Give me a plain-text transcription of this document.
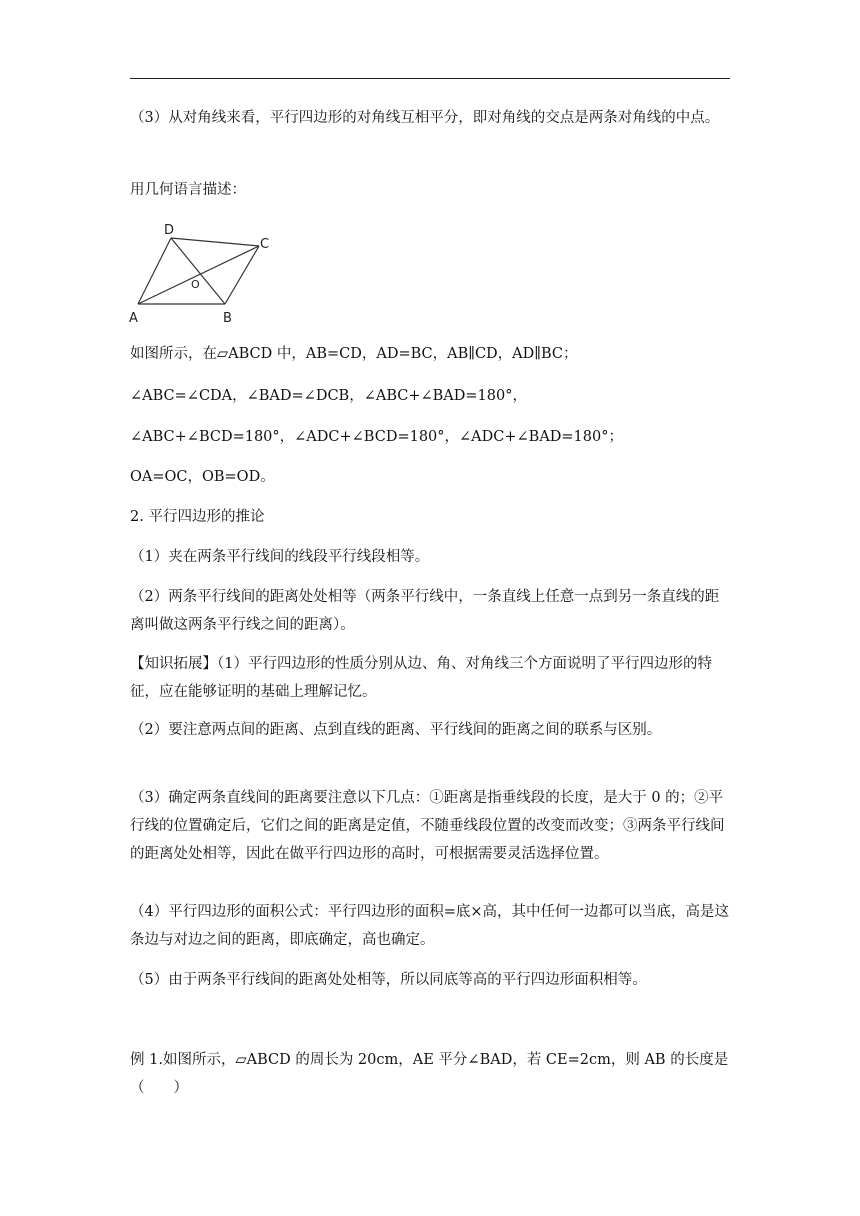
（3）从对角线来看，平行四边形的对角线互相平分，即对角线的交点是两条对角线的中点。

用几何语言描述：

D
C
A	B
O

如图所示，在▱ABCD 中，AB=CD，AD=BC，AB∥CD，AD∥BC；

∠ABC=∠CDA，∠BAD=∠DCB，∠ABC+∠BAD=180°，

∠ABC+∠BCD=180°，∠ADC+∠BCD=180°，∠ADC+∠BAD=180°；

OA=OC，OB=OD。

2. 平行四边形的推论

（1）夹在两条平行线间的线段平行线段相等。

（2）两条平行线间的距离处处相等（两条平行线中，一条直线上任意一点到另一条直线的距离叫做这两条平行线之间的距离）。

【知识拓展】（1）平行四边形的性质分别从边、角、对角线三个方面说明了平行四边形的特征，应在能够证明的基础上理解记忆。

（2）要注意两点间的距离、点到直线的距离、平行线间的距离之间的联系与区别。

（3）确定两条直线间的距离要注意以下几点：①距离是指垂线段的长度，是大于 0 的；②平行线的位置确定后，它们之间的距离是定值，不随垂线段位置的改变而改变；③两条平行线间的距离处处相等，因此在做平行四边形的高时，可根据需要灵活选择位置。

（4）平行四边形的面积公式：平行四边形的面积=底×高，其中任何一边都可以当底，高是这条边与对边之间的距离，即底确定，高也确定。

（5）由于两条平行线间的距离处处相等，所以同底等高的平行四边形面积相等。

例 1.如图所示，▱ABCD 的周长为 20cm，AE 平分∠BAD，若 CE=2cm，则 AB 的长度是（　　）
